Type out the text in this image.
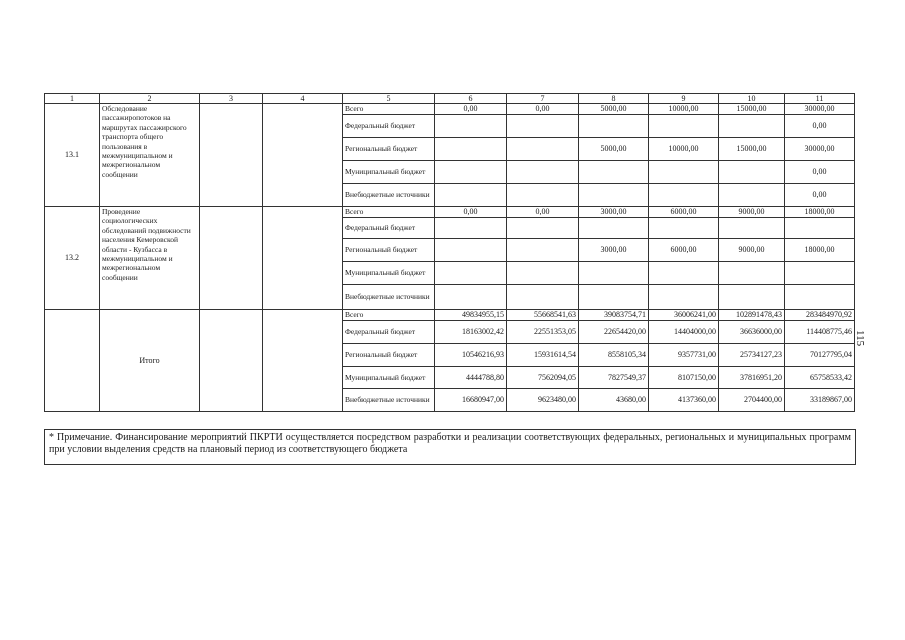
1	2	3	4	5	6	7	8	9	10	11
13.1	Обследование пассажиропотоков на маршрутах пассажирского транспорта общего пользования в межмуниципальном и межрегиональном сообщении			Всего	0,00	0,00	5000,00	10000,00	15000,00	30000,00
				Федеральный бюджет						0,00
				Региональный бюджет			5000,00	10000,00	15000,00	30000,00
				Муниципальный бюджет						0,00
				Внебюджетные источники						0,00
13.2	Проведение социологических обследований подвижности населения Кемеровской области - Кузбасса в межмуниципальном и межрегиональном сообщении			Всего	0,00	0,00	3000,00	6000,00	9000,00	18000,00
				Федеральный бюджет						
				Региональный бюджет			3000,00	6000,00	9000,00	18000,00
				Муниципальный бюджет						
				Внебюджетные источники						
	Итого			Всего	49834955,15	55668541,63	39083754,71	36006241,00	102891478,43	283484970,92
				Федеральный бюджет	18163002,42	22551353,05	22654420,00	14404000,00	36636000,00	114408775,46
				Региональный бюджет	10546216,93	15931614,54	8558105,34	9357731,00	25734127,23	70127795,04
				Муниципальный бюджет	4444788,80	7562094,05	7827549,37	8107150,00	37816951,20	65758533,42
				Внебюджетные источники	16680947,00	9623480,00	43680,00	4137360,00	2704400,00	33189867,00
* Примечание. Финансирование мероприятий ПКРТИ осуществляется посредством разработки и реализации соответствующих федеральных, региональных и муниципальных программ при условии выделения средств на плановый период из соответствующего бюджета
115
